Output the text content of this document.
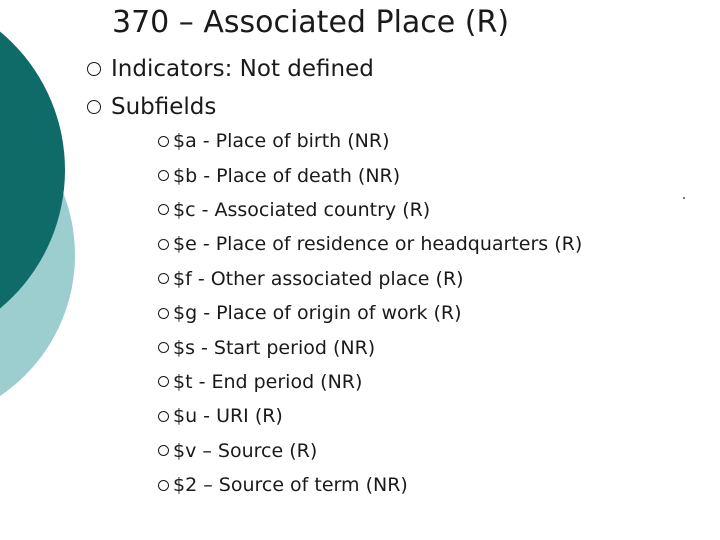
370 – Associated Place (R)
Indicators: Not defined
Subfields
$a - Place of birth (NR)
$b - Place of death (NR)
$c - Associated country (R)
$e - Place of residence or headquarters (R)
$f - Other associated place (R)
$g - Place of origin of work (R)
$s - Start period (NR)
$t - End period (NR)
$u - URI (R)
$v – Source (R)
$2 – Source of term (NR)
